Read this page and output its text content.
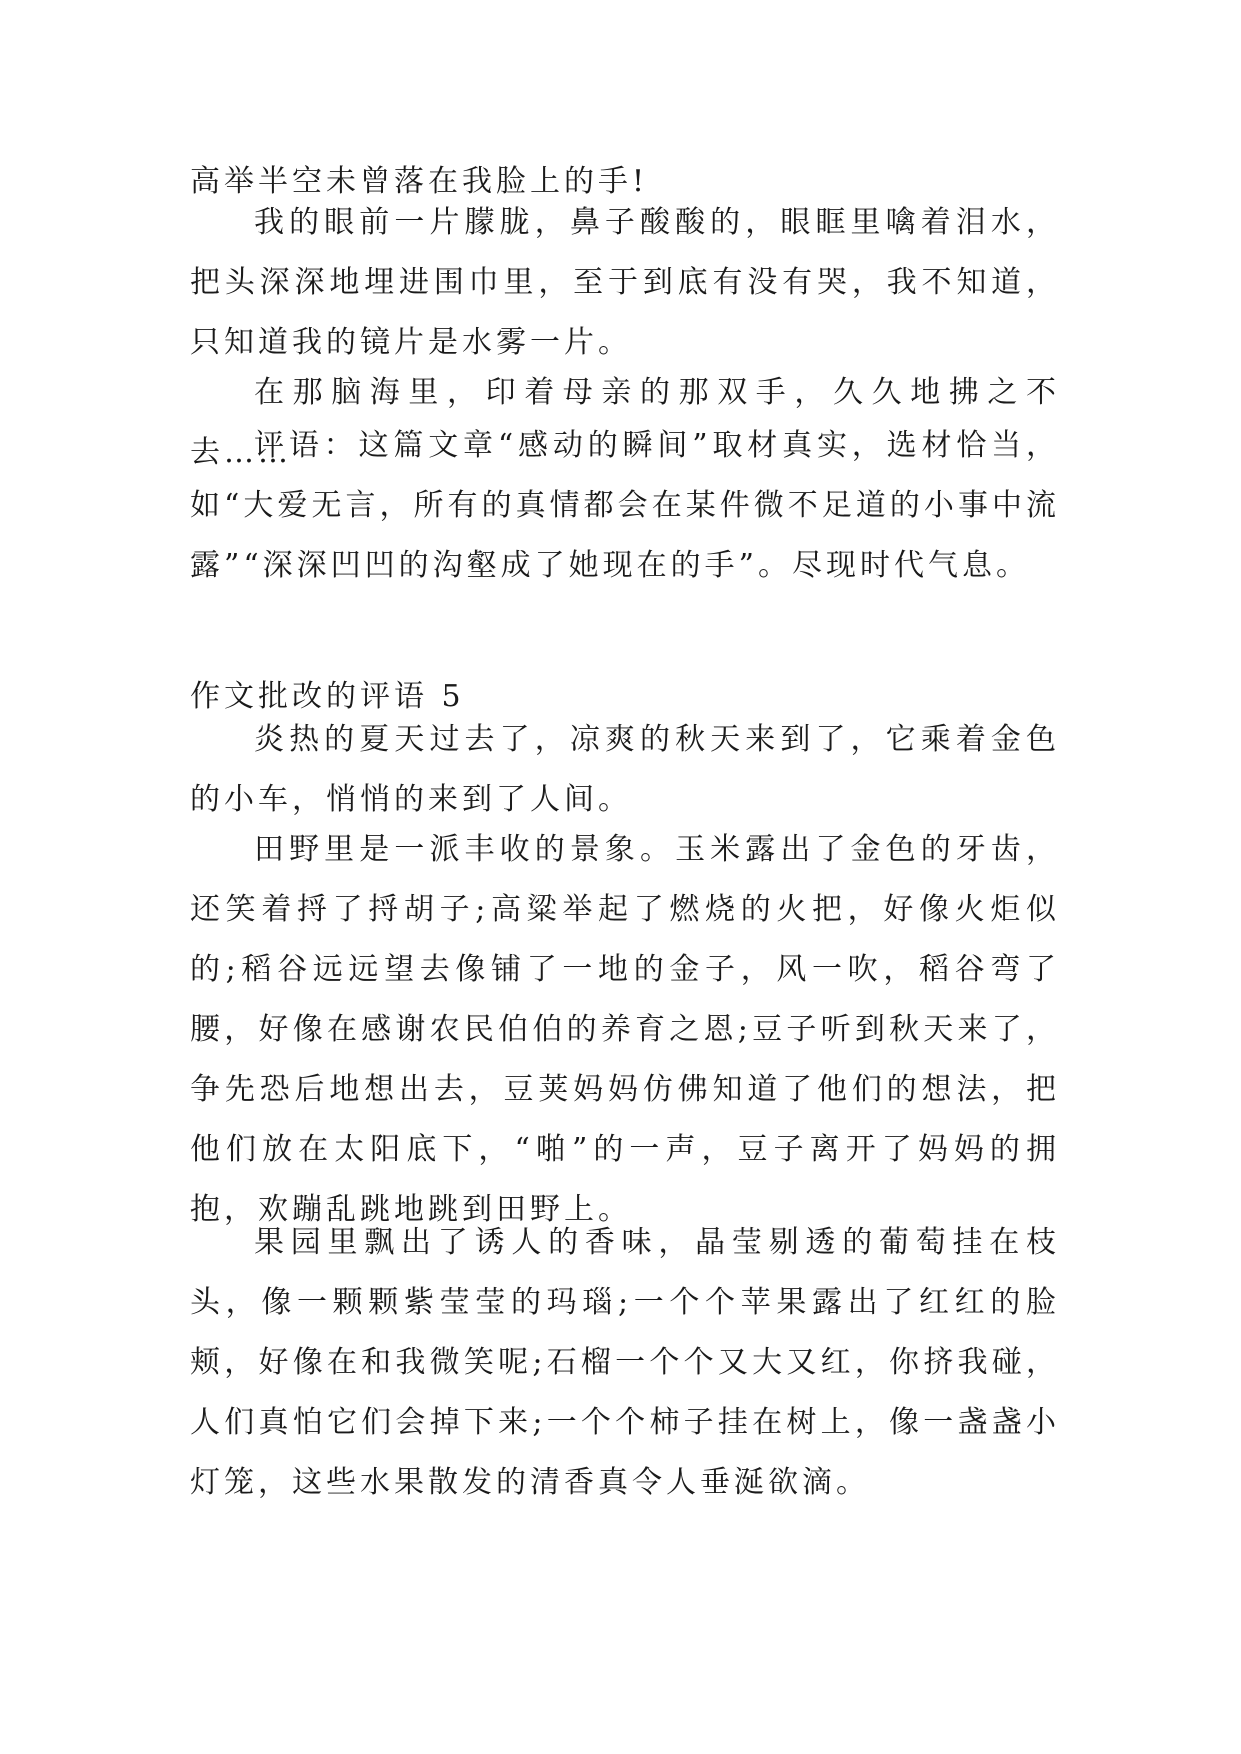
高举半空未曾落在我脸上的手!

我的眼前一片朦胧，鼻子酸酸的，眼眶里噙着泪水，把头深深地埋进围巾里，至于到底有没有哭，我不知道，只知道我的镜片是水雾一片。

在那脑海里，印着母亲的那双手，久久地拂之不去……

评语：这篇文章“感动的瞬间”取材真实，选材恰当，如“大爱无言，所有的真情都会在某件微不足道的小事中流露”“深深凹凹的沟壑成了她现在的手”。尽现时代气息。

作文批改的评语 5

炎热的夏天过去了，凉爽的秋天来到了，它乘着金色的小车，悄悄的来到了人间。

田野里是一派丰收的景象。玉米露出了金色的牙齿，还笑着捋了捋胡子;高粱举起了燃烧的火把，好像火炬似的;稻谷远远望去像铺了一地的金子，风一吹，稻谷弯了腰，好像在感谢农民伯伯的养育之恩;豆子听到秋天来了，争先恐后地想出去，豆荚妈妈仿佛知道了他们的想法，把他们放在太阳底下，“啪”的一声，豆子离开了妈妈的拥抱，欢蹦乱跳地跳到田野上。

果园里飘出了诱人的香味，晶莹剔透的葡萄挂在枝头，像一颗颗紫莹莹的玛瑙;一个个苹果露出了红红的脸颊，好像在和我微笑呢;石榴一个个又大又红，你挤我碰，人们真怕它们会掉下来;一个个柿子挂在树上，像一盏盏小灯笼，这些水果散发的清香真令人垂涎欲滴。
